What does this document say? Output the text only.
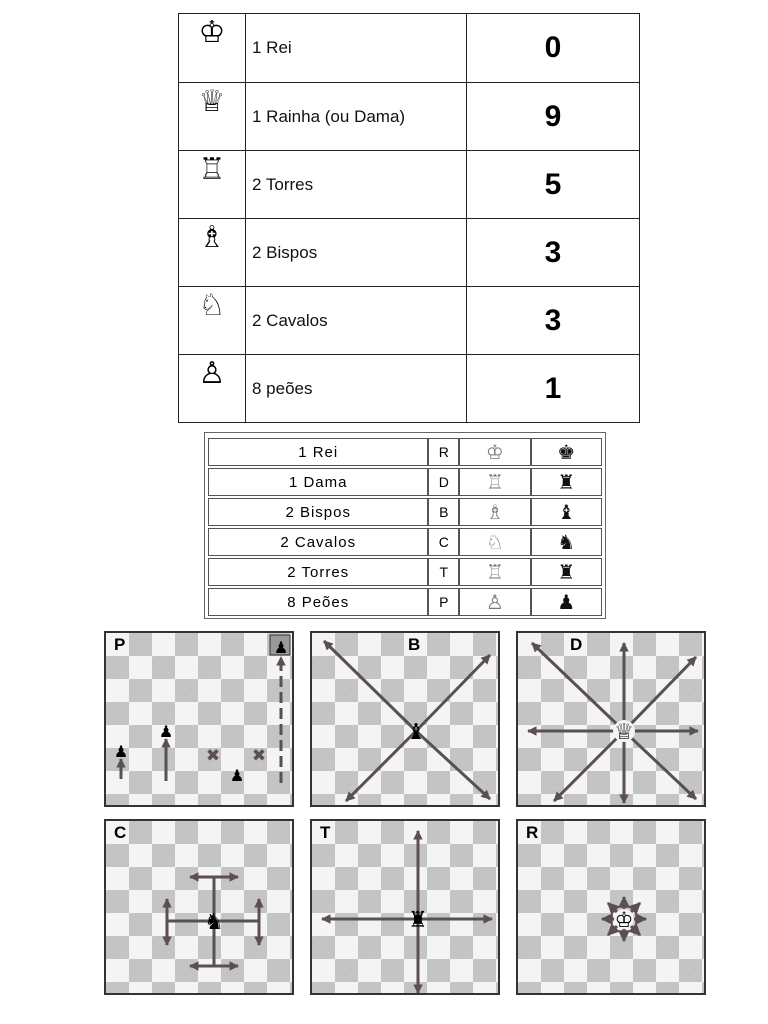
♔	1 Rei	0

♕	1 Rainha (ou Dama)	9

♖	2 Torres	5

♗	2 Bispos	3

♘	2 Cavalos	3

♙	8 peões	1
1 Rei	R	♔	♚
1 Dama	D	♖	♜
2 Bispos	B	♗	♝
2 Cavalos	C	♘	♞
2 Torres	T	♖	♜
8 Peões	P	♙	♟
P
♟
♟
♟
♟
✖ ✖
B
♝
D
♕
C
♞
T
♜
R
♔
